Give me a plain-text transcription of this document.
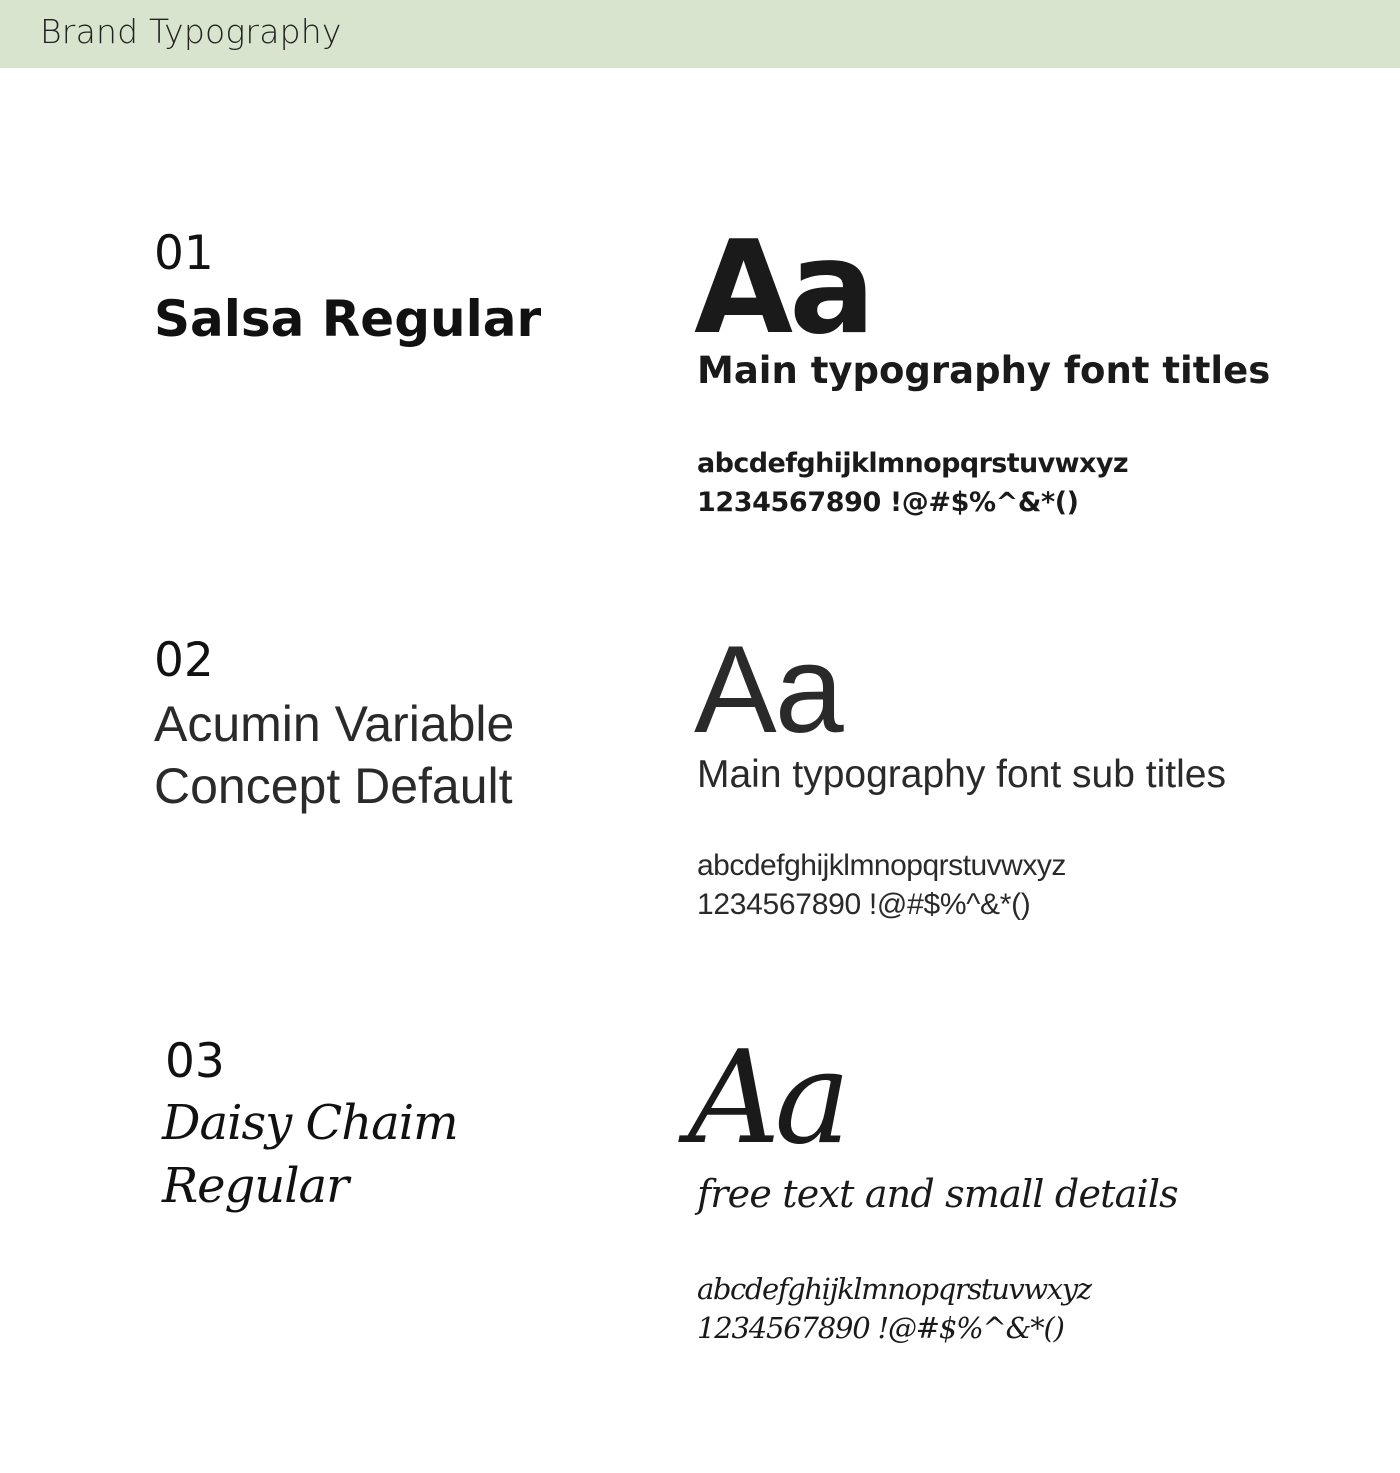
Brand Typography
01
Salsa Regular Aa
Main typography font titles
abcdefghijklmnopqrstuvwxyz
1234567890 !@#$%^&*()
02
Acumin Variable
Concept Default
Aa
Main typography font sub titles
abcdefghijklmnopqrstuvwxyz
1234567890 !@#$%^&*()
03
Daisy Chaim
Regular
Aa
free text and small details
abcdefghijklmnopqrstuvwxyz
1234567890 !@#$%^&*()
